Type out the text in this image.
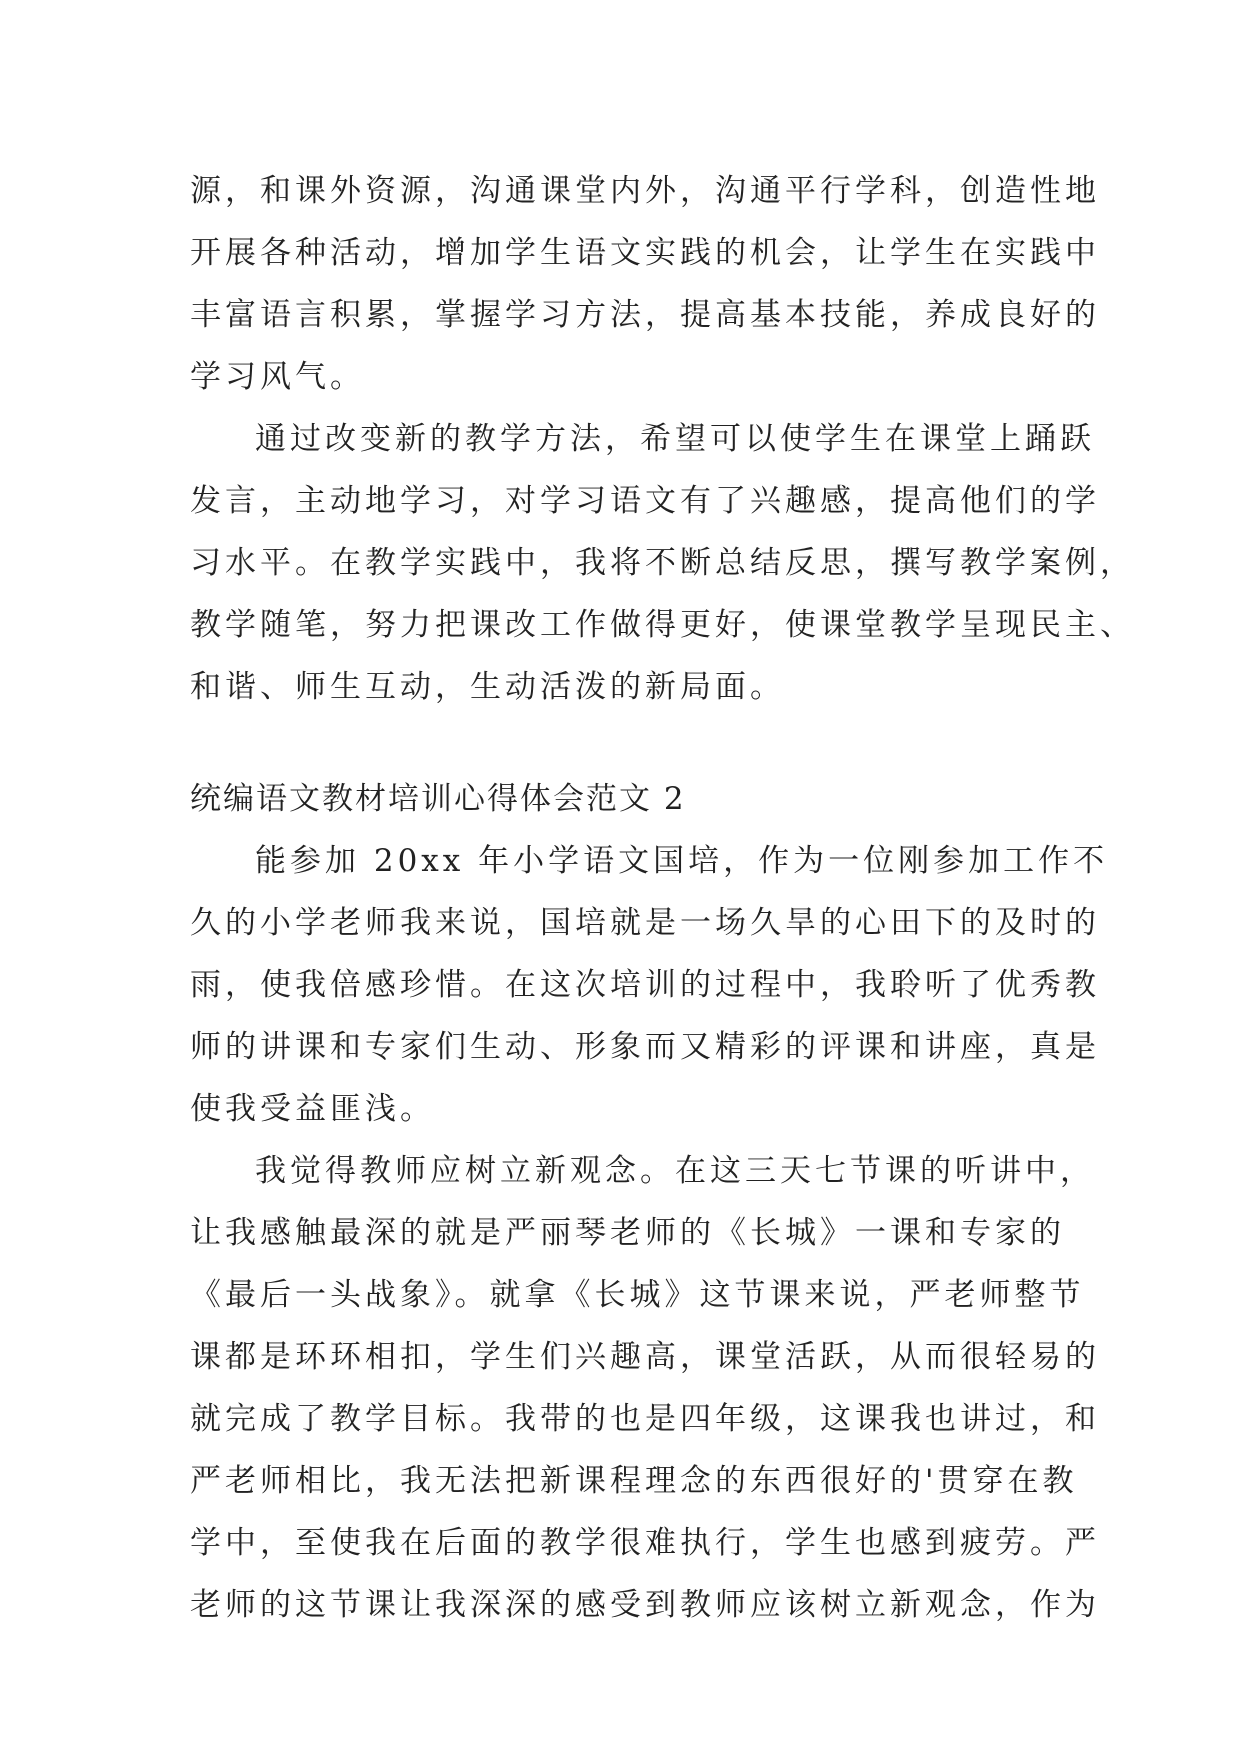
源，和课外资源，沟通课堂内外，沟通平行学科，创造性地
开展各种活动，增加学生语文实践的机会，让学生在实践中
丰富语言积累，掌握学习方法，提高基本技能，养成良好的
学习风气。
通过改变新的教学方法，希望可以使学生在课堂上踊跃
发言，主动地学习，对学习语文有了兴趣感，提高他们的学
习水平。在教学实践中，我将不断总结反思，撰写教学案例，
教学随笔，努力把课改工作做得更好，使课堂教学呈现民主、
和谐、师生互动，生动活泼的新局面。
统编语文教材培训心得体会范文 2
能参加 20xx 年小学语文国培，作为一位刚参加工作不
久的小学老师我来说，国培就是一场久旱的心田下的及时的
雨，使我倍感珍惜。在这次培训的过程中，我聆听了优秀教
师的讲课和专家们生动、形象而又精彩的评课和讲座，真是
使我受益匪浅。
我觉得教师应树立新观念。在这三天七节课的听讲中，
让我感触最深的就是严丽琴老师的《长城》一课和专家的
《最后一头战象》。就拿《长城》这节课来说，严老师整节
课都是环环相扣，学生们兴趣高，课堂活跃，从而很轻易的
就完成了教学目标。我带的也是四年级，这课我也讲过，和
严老师相比，我无法把新课程理念的东西很好的'贯穿在教
学中，至使我在后面的教学很难执行，学生也感到疲劳。严
老师的这节课让我深深的感受到教师应该树立新观念，作为
